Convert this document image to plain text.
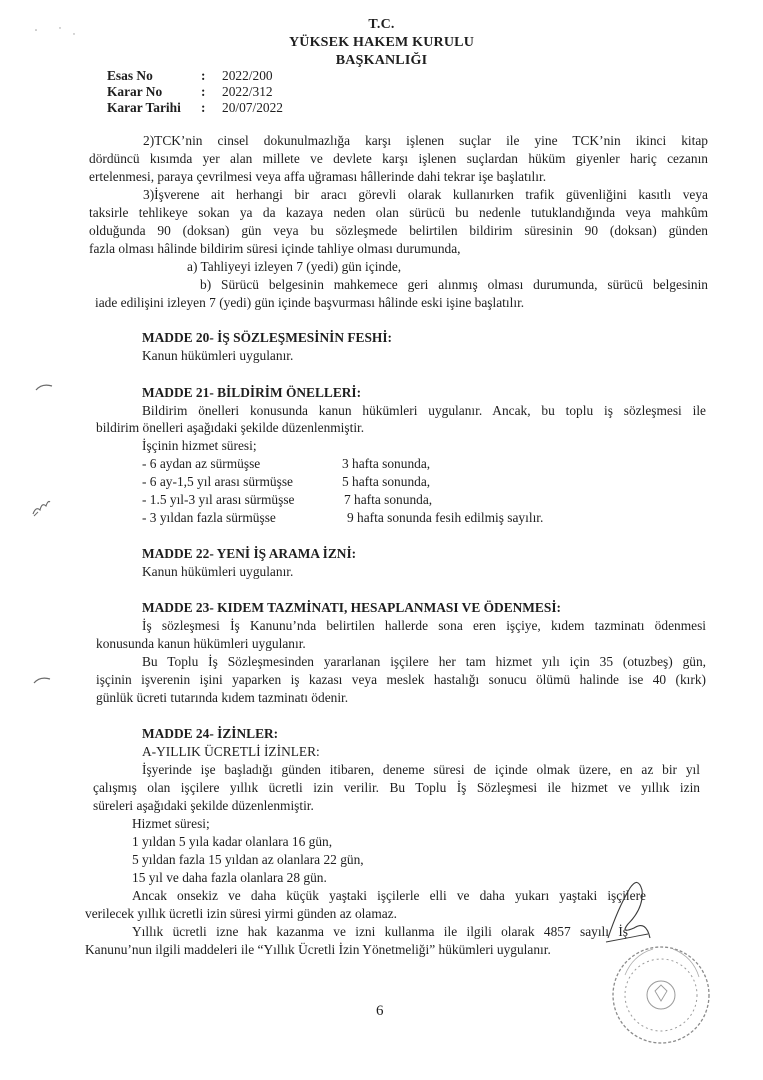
T.C.
YÜKSEK HAKEM KURULU
BAŞKANLIĞI
Esas No	: 2022/200
Karar No	: 2022/312
Karar Tarihi : 20/07/2022
2)TCK’nin cinsel dokunulmazlığa karşı işlenen suçlar ile yine TCK’nin ikinci kitap
dördüncü kısımda yer alan millete ve devlete karşı işlenen suçlardan hüküm giyenler hariç cezanın
ertelenmesi, paraya çevrilmesi veya affa uğraması hâllerinde dahi tekrar işe başlatılır.
3)İşverene ait herhangi bir aracı görevli olarak kullanırken trafik güvenliğini kasıtlı veya
taksirle tehlikeye sokan ya da kazaya neden olan sürücü bu nedenle tutuklandığında veya mahkûm
olduğunda 90 (doksan) gün veya bu sözleşmede belirtilen bildirim süresinin 90 (doksan) günden
fazla olması hâlinde bildirim süresi içinde tahliye olması durumunda,
a) Tahliyeyi izleyen 7 (yedi) gün içinde,
b) Sürücü belgesinin mahkemece geri alınmış olması durumunda, sürücü belgesinin
iade edilişini izleyen 7 (yedi) gün içinde başvurması hâlinde eski işine başlatılır.
MADDE 20- İŞ SÖZLEŞMESİNİN FESHİ:
Kanun hükümleri uygulanır.
MADDE 21- BİLDİRİM ÖNELLERİ:
Bildirim önelleri konusunda kanun hükümleri uygulanır. Ancak, bu toplu iş sözleşmesi ile
bildirim önelleri aşağıdaki şekilde düzenlenmiştir.
İşçinin hizmet süresi;
- 6 aydan az sürmüşse	3 hafta sonunda,
- 6 ay-1,5 yıl arası sürmüşse	5 hafta sonunda,
- 1.5 yıl-3 yıl arası sürmüşse	7 hafta sonunda,
- 3 yıldan fazla sürmüşse	9 hafta sonunda fesih edilmiş sayılır.
MADDE 22- YENİ İŞ ARAMA İZNİ:
Kanun hükümleri uygulanır.
MADDE 23- KIDEM TAZMİNATI, HESAPLANMASI VE ÖDENMESİ:
İş sözleşmesi İş Kanunu’nda belirtilen hallerde sona eren işçiye, kıdem tazminatı ödenmesi
konusunda kanun hükümleri uygulanır.
Bu Toplu İş Sözleşmesinden yararlanan işçilere her tam hizmet yılı için 35 (otuzbeş) gün,
işçinin işverenin işini yaparken iş kazası veya meslek hastalığı sonucu ölümü halinde ise 40 (kırk)
günlük ücreti tutarında kıdem tazminatı ödenir.
MADDE 24- İZİNLER:
A-YILLIK ÜCRETLİ İZİNLER:
İşyerinde işe başladığı günden itibaren, deneme süresi de içinde olmak üzere, en az bir yıl
çalışmış olan işçilere yıllık ücretli izin verilir. Bu Toplu İş Sözleşmesi ile hizmet ve yıllık izin
süreleri aşağıdaki şekilde düzenlenmiştir.
Hizmet süresi;
1 yıldan 5 yıla kadar olanlara 16 gün,
5 yıldan fazla 15 yıldan az olanlara 22 gün,
15 yıl ve daha fazla olanlara 28 gün.
Ancak onsekiz ve daha küçük yaştaki işçilerle elli ve daha yukarı yaştaki işçilere
verilecek yıllık ücretli izin süresi yirmi günden az olamaz.
Yıllık ücretli izne hak kazanma ve izni kullanma ile ilgili olarak 4857 sayılı İş
Kanunu’nun ilgili maddeleri ile “Yıllık Ücretli İzin Yönetmeliği” hükümleri uygulanır.
6
